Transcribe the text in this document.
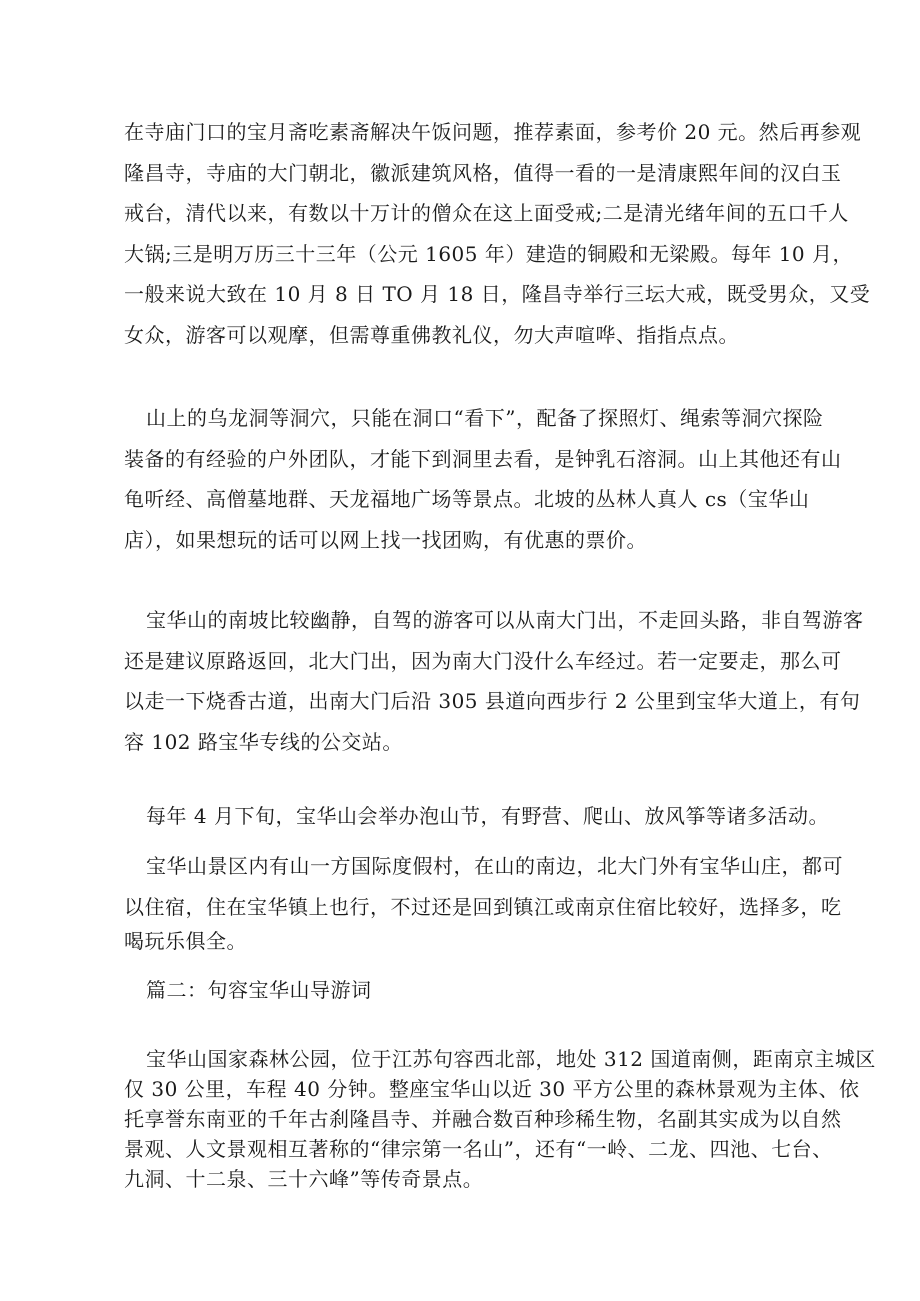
在寺庙门口的宝月斋吃素斋解决午饭问题，推荐素面，参考价 20 元。然后再参观
隆昌寺，寺庙的大门朝北，徽派建筑风格，值得一看的一是清康熙年间的汉白玉
戒台，清代以来，有数以十万计的僧众在这上面受戒;二是清光绪年间的五口千人
大锅;三是明万历三十三年（公元 1605 年）建造的铜殿和无梁殿。每年 10 月，
一般来说大致在 10 月 8 日 TO 月 18 日，隆昌寺举行三坛大戒，既受男众，又受
女众，游客可以观摩，但需尊重佛教礼仪，勿大声喧哗、指指点点。
山上的乌龙洞等洞穴，只能在洞口“看下”，配备了探照灯、绳索等洞穴探险
装备的有经验的户外团队，才能下到洞里去看，是钟乳石溶洞。山上其他还有山
龟听经、高僧墓地群、天龙福地广场等景点。北坡的丛林人真人 cs（宝华山
店），如果想玩的话可以网上找一找团购，有优惠的票价。
宝华山的南坡比较幽静，自驾的游客可以从南大门出，不走回头路，非自驾游客
还是建议原路返回，北大门出，因为南大门没什么车经过。若一定要走，那么可
以走一下烧香古道，出南大门后沿 305 县道向西步行 2 公里到宝华大道上，有句
容 102 路宝华专线的公交站。
每年 4 月下旬，宝华山会举办泡山节，有野营、爬山、放风筝等诸多活动。
宝华山景区内有山一方国际度假村，在山的南边，北大门外有宝华山庄，都可
以住宿，住在宝华镇上也行，不过还是回到镇江或南京住宿比较好，选择多，吃
喝玩乐俱全。

篇二：句容宝华山导游词

宝华山国家森林公园，位于江苏句容西北部，地处 312 国道南侧，距南京主城区
仅 30 公里，车程 40 分钟。整座宝华山以近 30 平方公里的森林景观为主体、依
托享誉东南亚的千年古刹隆昌寺、并融合数百种珍稀生物，名副其实成为以自然
景观、人文景观相互著称的“律宗第一名山”，还有“一岭、二龙、四池、七台、
九洞、十二泉、三十六峰”等传奇景点。
